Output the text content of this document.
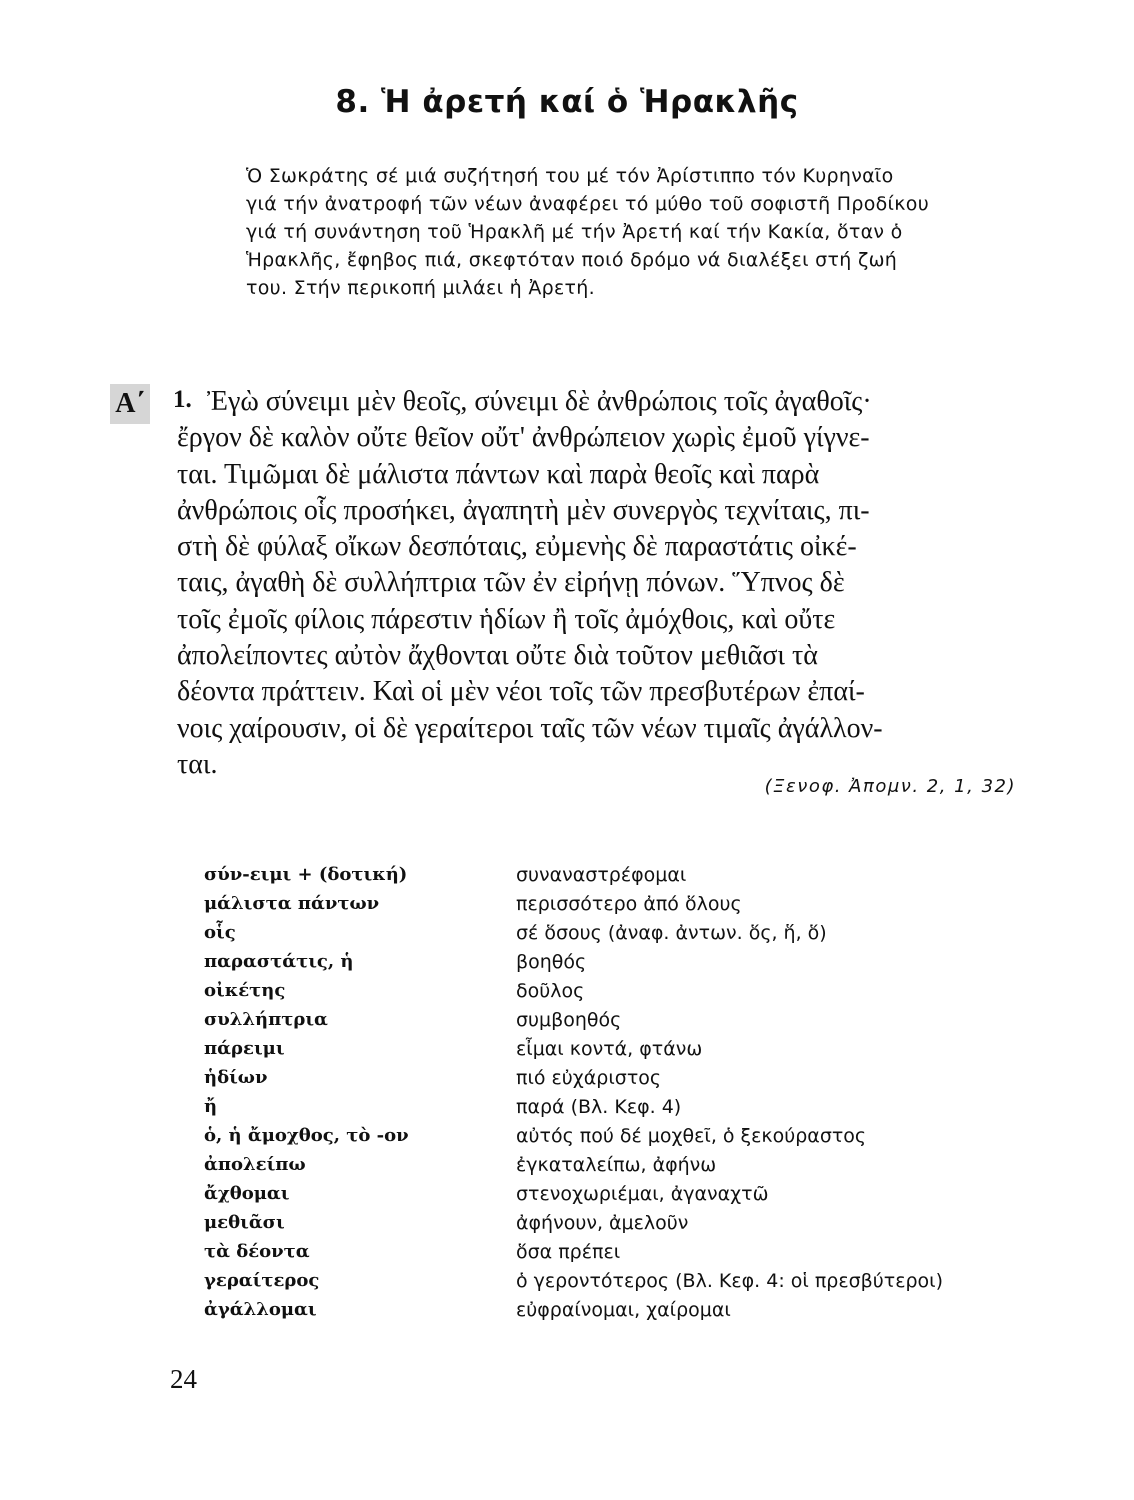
8. Ἡ ἀρετή καί ὁ Ἡρακλῆς
Ὁ Σωκράτης σέ μιά συζήτησή του μέ τόν Ἀρίστιππο τόν Κυρηναῖο
γιά τήν ἀνατροφή τῶν νέων ἀναφέρει τό μύθο τοῦ σοφιστῆ Προδίκου
γιά τή συνάντηση τοῦ Ἡρακλῆ μέ τήν Ἀρετή καί τήν Κακία, ὅταν ὁ
Ἡρακλῆς, ἔφηβος πιά, σκεφτόταν ποιό δρόμο νά διαλέξει στή ζωή
του. Στήν περικοπή μιλάει ἡ Ἀρετή.
Α΄ 1. Ἐγὼ σύνειμι μὲν θεοῖς, σύνειμι δὲ ἀνθρώποις τοῖς ἀγαθοῖς·
ἔργον δὲ καλὸν οὔτε θεῖον οὔτ' ἀνθρώπειον χωρὶς ἐμοῦ γίγνε-
ται. Τιμῶμαι δὲ μάλιστα πάντων καὶ παρὰ θεοῖς καὶ παρὰ
ἀνθρώποις οἷς προσήκει, ἀγαπητὴ μὲν συνεργὸς τεχνίταις, πι-
στὴ δὲ φύλαξ οἴκων δεσπόταις, εὐμενὴς δὲ παραστάτις οἰκέ-
ταις, ἀγαθὴ δὲ συλλήπτρια τῶν ἐν εἰρήνῃ πόνων. Ὕπνος δὲ
τοῖς ἐμοῖς φίλοις πάρεστιν ἡδίων ἢ τοῖς ἀμόχθοις, καὶ οὔτε
ἀπολείποντες αὐτὸν ἄχθονται οὔτε διὰ τοῦτον μεθιᾶσι τὰ
δέοντα πράττειν. Καὶ οἱ μὲν νέοι τοῖς τῶν πρεσβυτέρων ἐπαί-
νοις χαίρουσιν, οἱ δὲ γεραίτεροι ταῖς τῶν νέων τιμαῖς ἀγάλλον-
ται.
(Ξενοφ. Ἀπομν. 2, 1, 32)
σύν-ειμι + (δοτική)	συναναστρέφομαι
μάλιστα πάντων	περισσότερο ἀπό ὅλους
οἷς	σέ ὅσους (ἀναφ. ἀντων. ὅς, ἥ, ὅ)
παραστάτις, ἡ	βοηθός
οἰκέτης	δοῦλος
συλλήπτρια	συμβοηθός
πάρειμι	εἶμαι κοντά, φτάνω
ἡδίων	πιό εὐχάριστος
ἤ	παρά (Βλ. Κεφ. 4)
ὁ, ἡ ἄμοχθος, τὸ -ον	αὐτός πού δέ μοχθεῖ, ὁ ξεκούραστος
ἀπολείπω	ἐγκαταλείπω, ἀφήνω
ἄχθομαι	στενοχωριέμαι, ἀγαναχτῶ
μεθιᾶσι	ἀφήνουν, ἀμελοῦν
τὰ δέοντα	ὅσα πρέπει
γεραίτερος	ὁ γεροντότερος (Βλ. Κεφ. 4: οἱ πρεσβύτεροι)
ἀγάλλομαι	εὐφραίνομαι, χαίρομαι
24
